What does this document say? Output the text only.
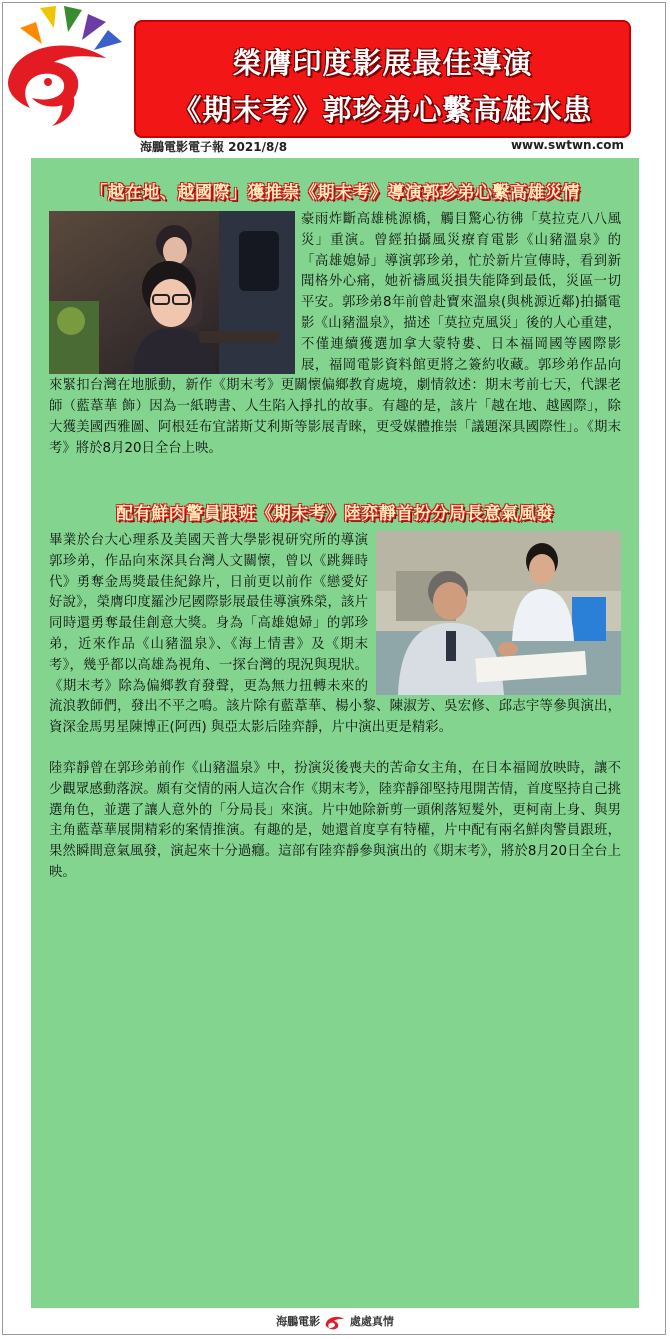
榮膺印度影展最佳導演
《期末考》郭珍弟心繫高雄水患
海鵬電影電子報 2021/8/8	www.swtwn.com
「越在地、越國際」獲推崇《期末考》導演郭珍弟心繫高雄災情

豪雨炸斷高雄桃源橋，觸目驚心彷彿「莫拉克八八風災」重演。曾經拍攝風災療育電影《山豬溫泉》的「高雄媳婦」導演郭珍弟，忙於新片宣傳時，看到新聞格外心痛，她祈禱風災損失能降到最低，災區一切平安。郭珍弟8年前曾赴寶來溫泉(與桃源近鄰)拍攝電影《山豬溫泉》，描述「莫拉克風災」後的人心重建，不僅連續獲選加拿大蒙特婁、日本福岡國等國際影展，福岡電影資料館更將之簽約收藏。郭珍弟作品向來緊扣台灣在地脈動，新作《期末考》更關懷偏鄉教育處境，劇情敘述：期末考前七天，代課老師（藍葦華 飾）因為一紙聘書、人生陷入掙扎的故事。有趣的是，該片「越在地、越國際」，除大獲美國西雅圖、阿根廷布宜諾斯艾利斯等影展青睞，更受媒體推崇「議題深具國際性」。《期末考》將於8月20日全台上映。

配有鮮肉警員跟班《期末考》陸弈靜首扮分局長意氣風發

畢業於台大心理系及美國天普大學影視研究所的導演郭珍弟，作品向來深具台灣人文關懷，曾以《跳舞時代》勇奪金馬獎最佳紀錄片，日前更以前作《戀愛好好說》，榮膺印度羅沙尼國際影展最佳導演殊榮，該片同時還勇奪最佳創意大獎。身為「高雄媳婦」的郭珍弟，近來作品《山豬溫泉》、《海上情書》及《期末考》，幾乎都以高雄為視角、一探台灣的現況與現狀。《期末考》除為偏鄉教育發聲，更為無力扭轉未來的流浪教師們，發出不平之鳴。該片除有藍葦華、楊小黎、陳淑芳、吳宏修、邱志宇等參與演出，資深金馬男星陳博正(阿西) 與亞太影后陸弈靜，片中演出更是精彩。

陸弈靜曾在郭珍弟前作《山豬溫泉》中，扮演災後喪夫的苦命女主角，在日本福岡放映時，讓不少觀眾感動落淚。頗有交情的兩人這次合作《期末考》，陸弈靜卻堅持甩開苦情，首度堅持自己挑選角色，並選了讓人意外的「分局長」來演。片中她除新剪一頭俐落短髮外，更柯南上身、與男主角藍葦華展開精彩的案情推演。有趣的是，她還首度享有特權，片中配有兩名鮮肉警員跟班，果然瞬間意氣風發，演起來十分過癮。這部有陸弈靜參與演出的《期末考》，將於8月20日全台上映。

海鵬電影	處處真情
